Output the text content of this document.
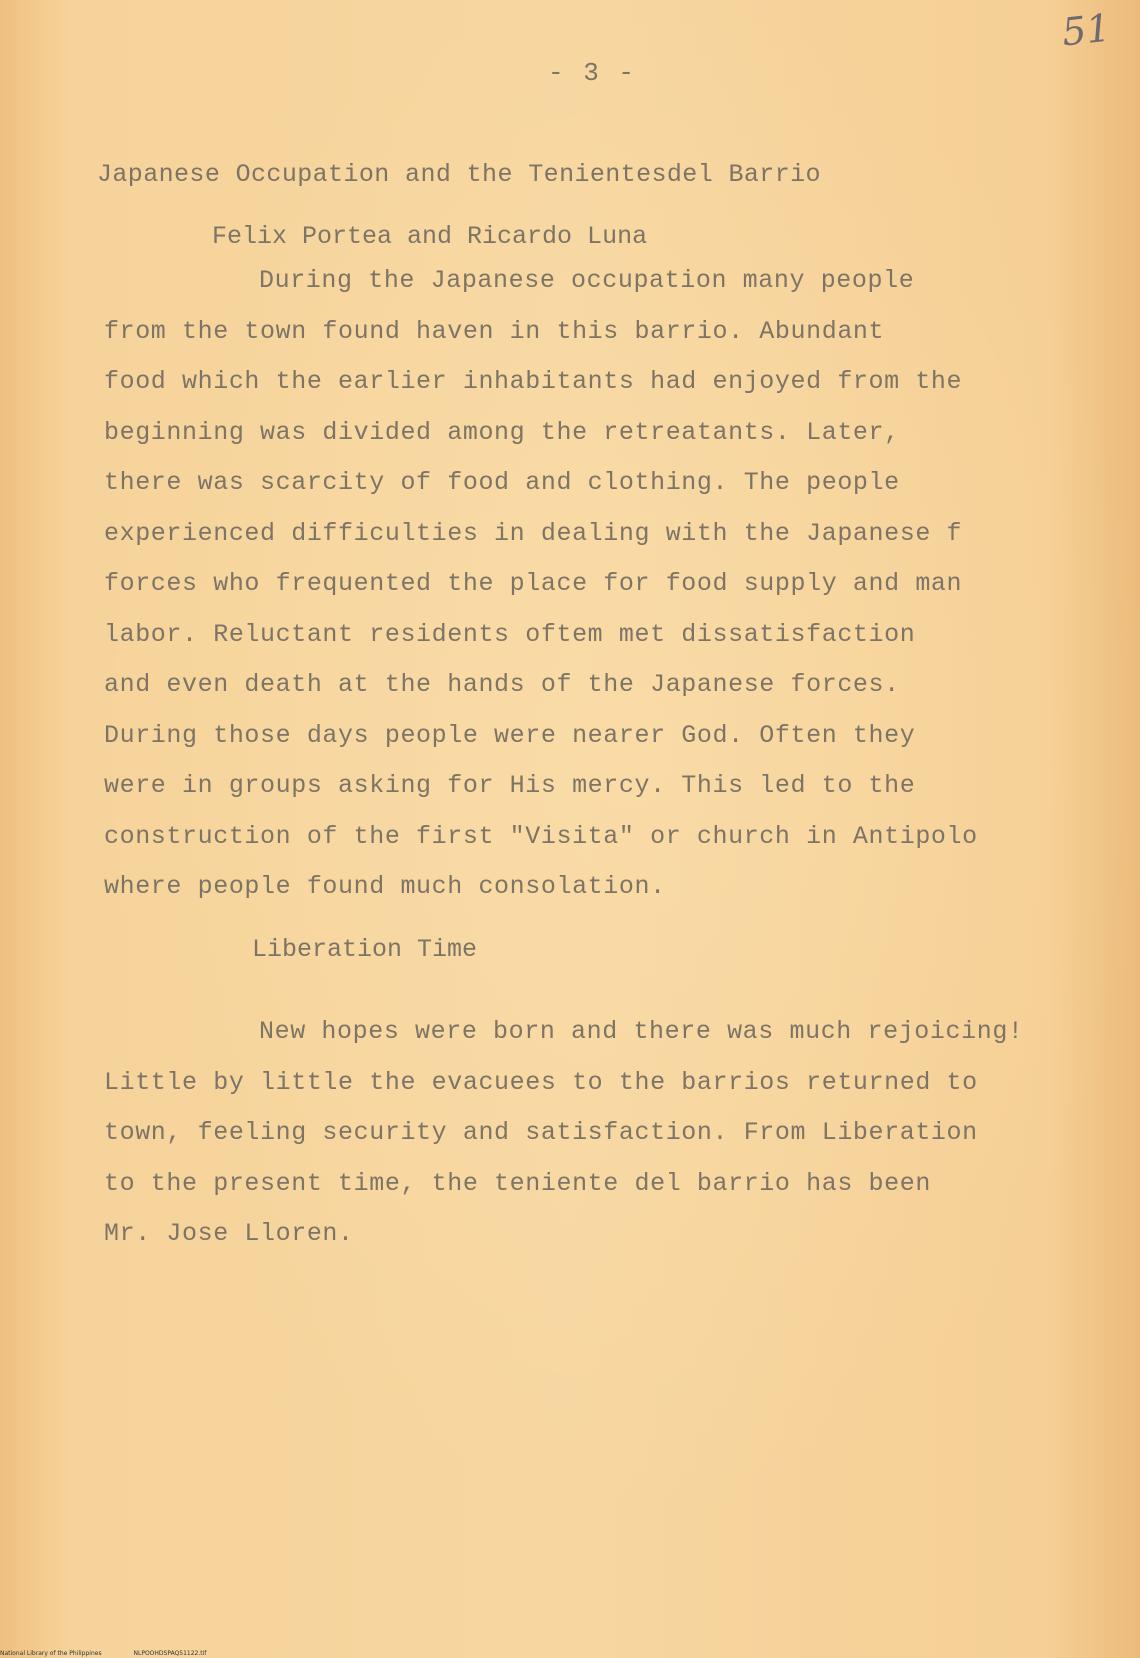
51
- 3 -
Japanese Occupation and the Tenientesdel Barrio
Felix Portea and Ricardo Luna
During the Japanese occupation many people
from the town found haven in this barrio. Abundant
food which the earlier inhabitants had enjoyed from the
beginning was divided among the retreatants. Later,
there was scarcity of food and clothing. The people
experienced difficulties in dealing with the Japanese f
forces who frequented the place for food supply and man
labor. Reluctant residents oftem met dissatisfaction
and even death at the hands of the Japanese forces.
During those days people were nearer God. Often they
were in groups asking for His mercy. This led to the
construction of the first "Visita" or church in Antipolo
where people found much consolation.
Liberation Time
New hopes were born and there was much rejoicing!
Little by little the evacuees to the barrios returned to
town, feeling security and satisfaction. From Liberation
to the present time, the teniente del barrio has been
Mr. Jose Lloren.
National Library of the Philippines	NLPOOHDSPAQ51122.tif
